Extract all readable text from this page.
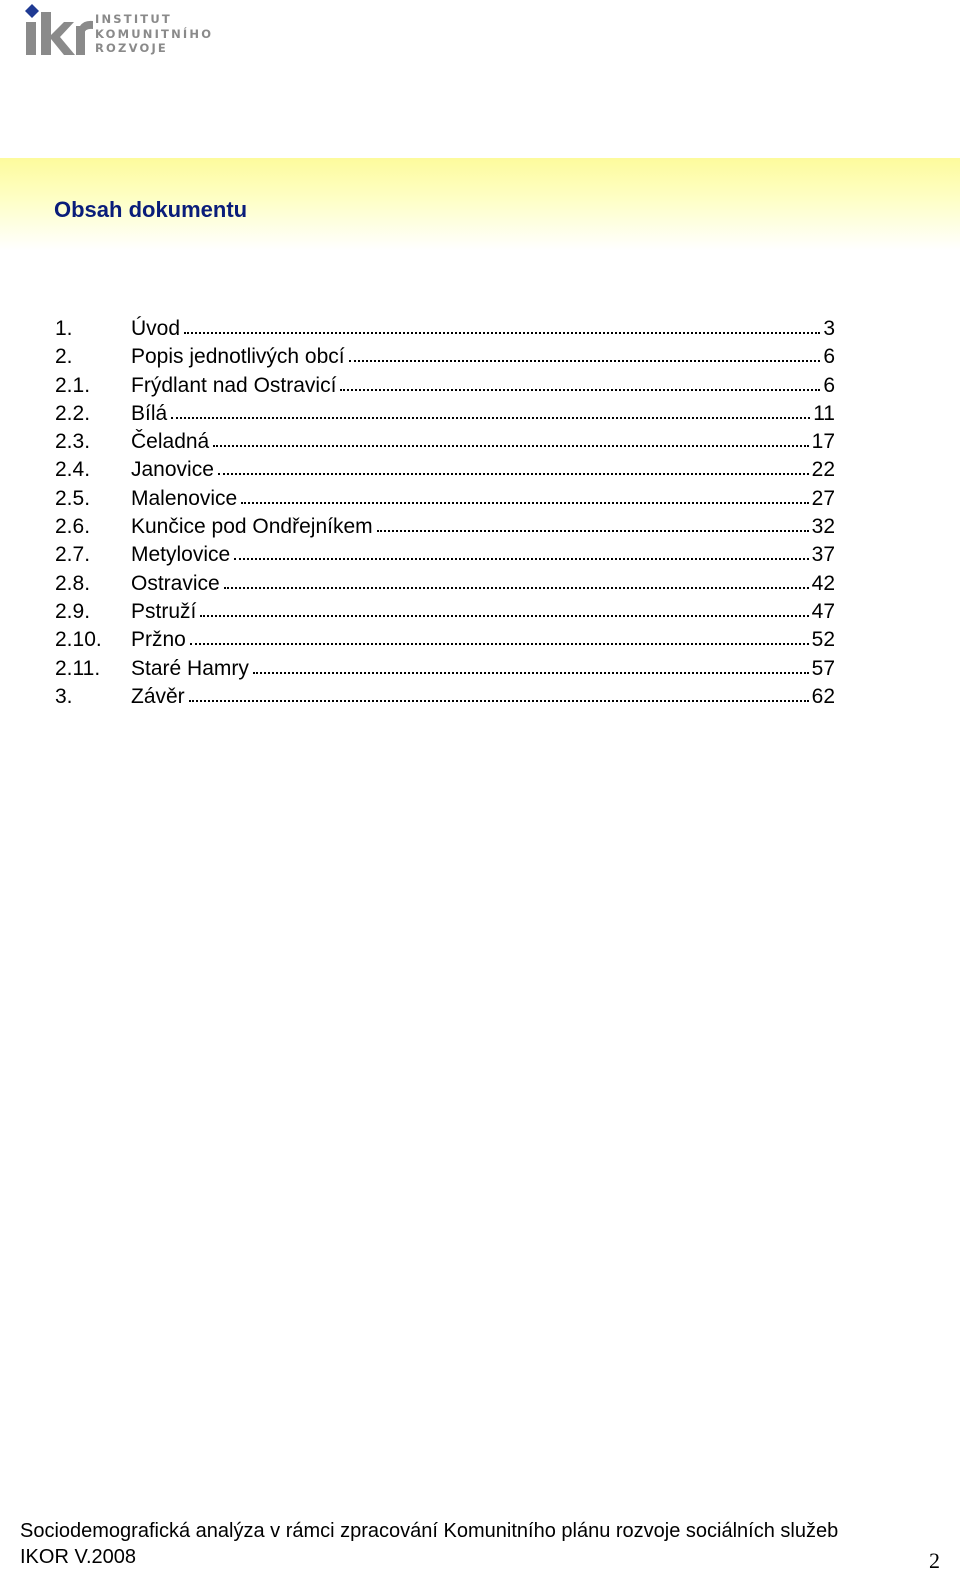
INSTITUT
KOMUNITNÍHO
ROZVOJE
Obsah dokumentu
1.	Úvod	3
2.	Popis jednotlivých obcí	6
2.1.	Frýdlant nad Ostravicí	6
2.2.	Bílá	11
2.3.	Čeladná	17
2.4.	Janovice	22
2.5.	Malenovice	27
2.6.	Kunčice pod Ondřejníkem	32
2.7.	Metylovice	37
2.8.	Ostravice	42
2.9.	Pstruží	47
2.10.	Pržno	52
2.11.	Staré Hamry	57
3.	Závěr	62
Sociodemografická analýza v rámci zpracování Komunitního plánu rozvoje sociálních služeb
IKOR V.2008	2
